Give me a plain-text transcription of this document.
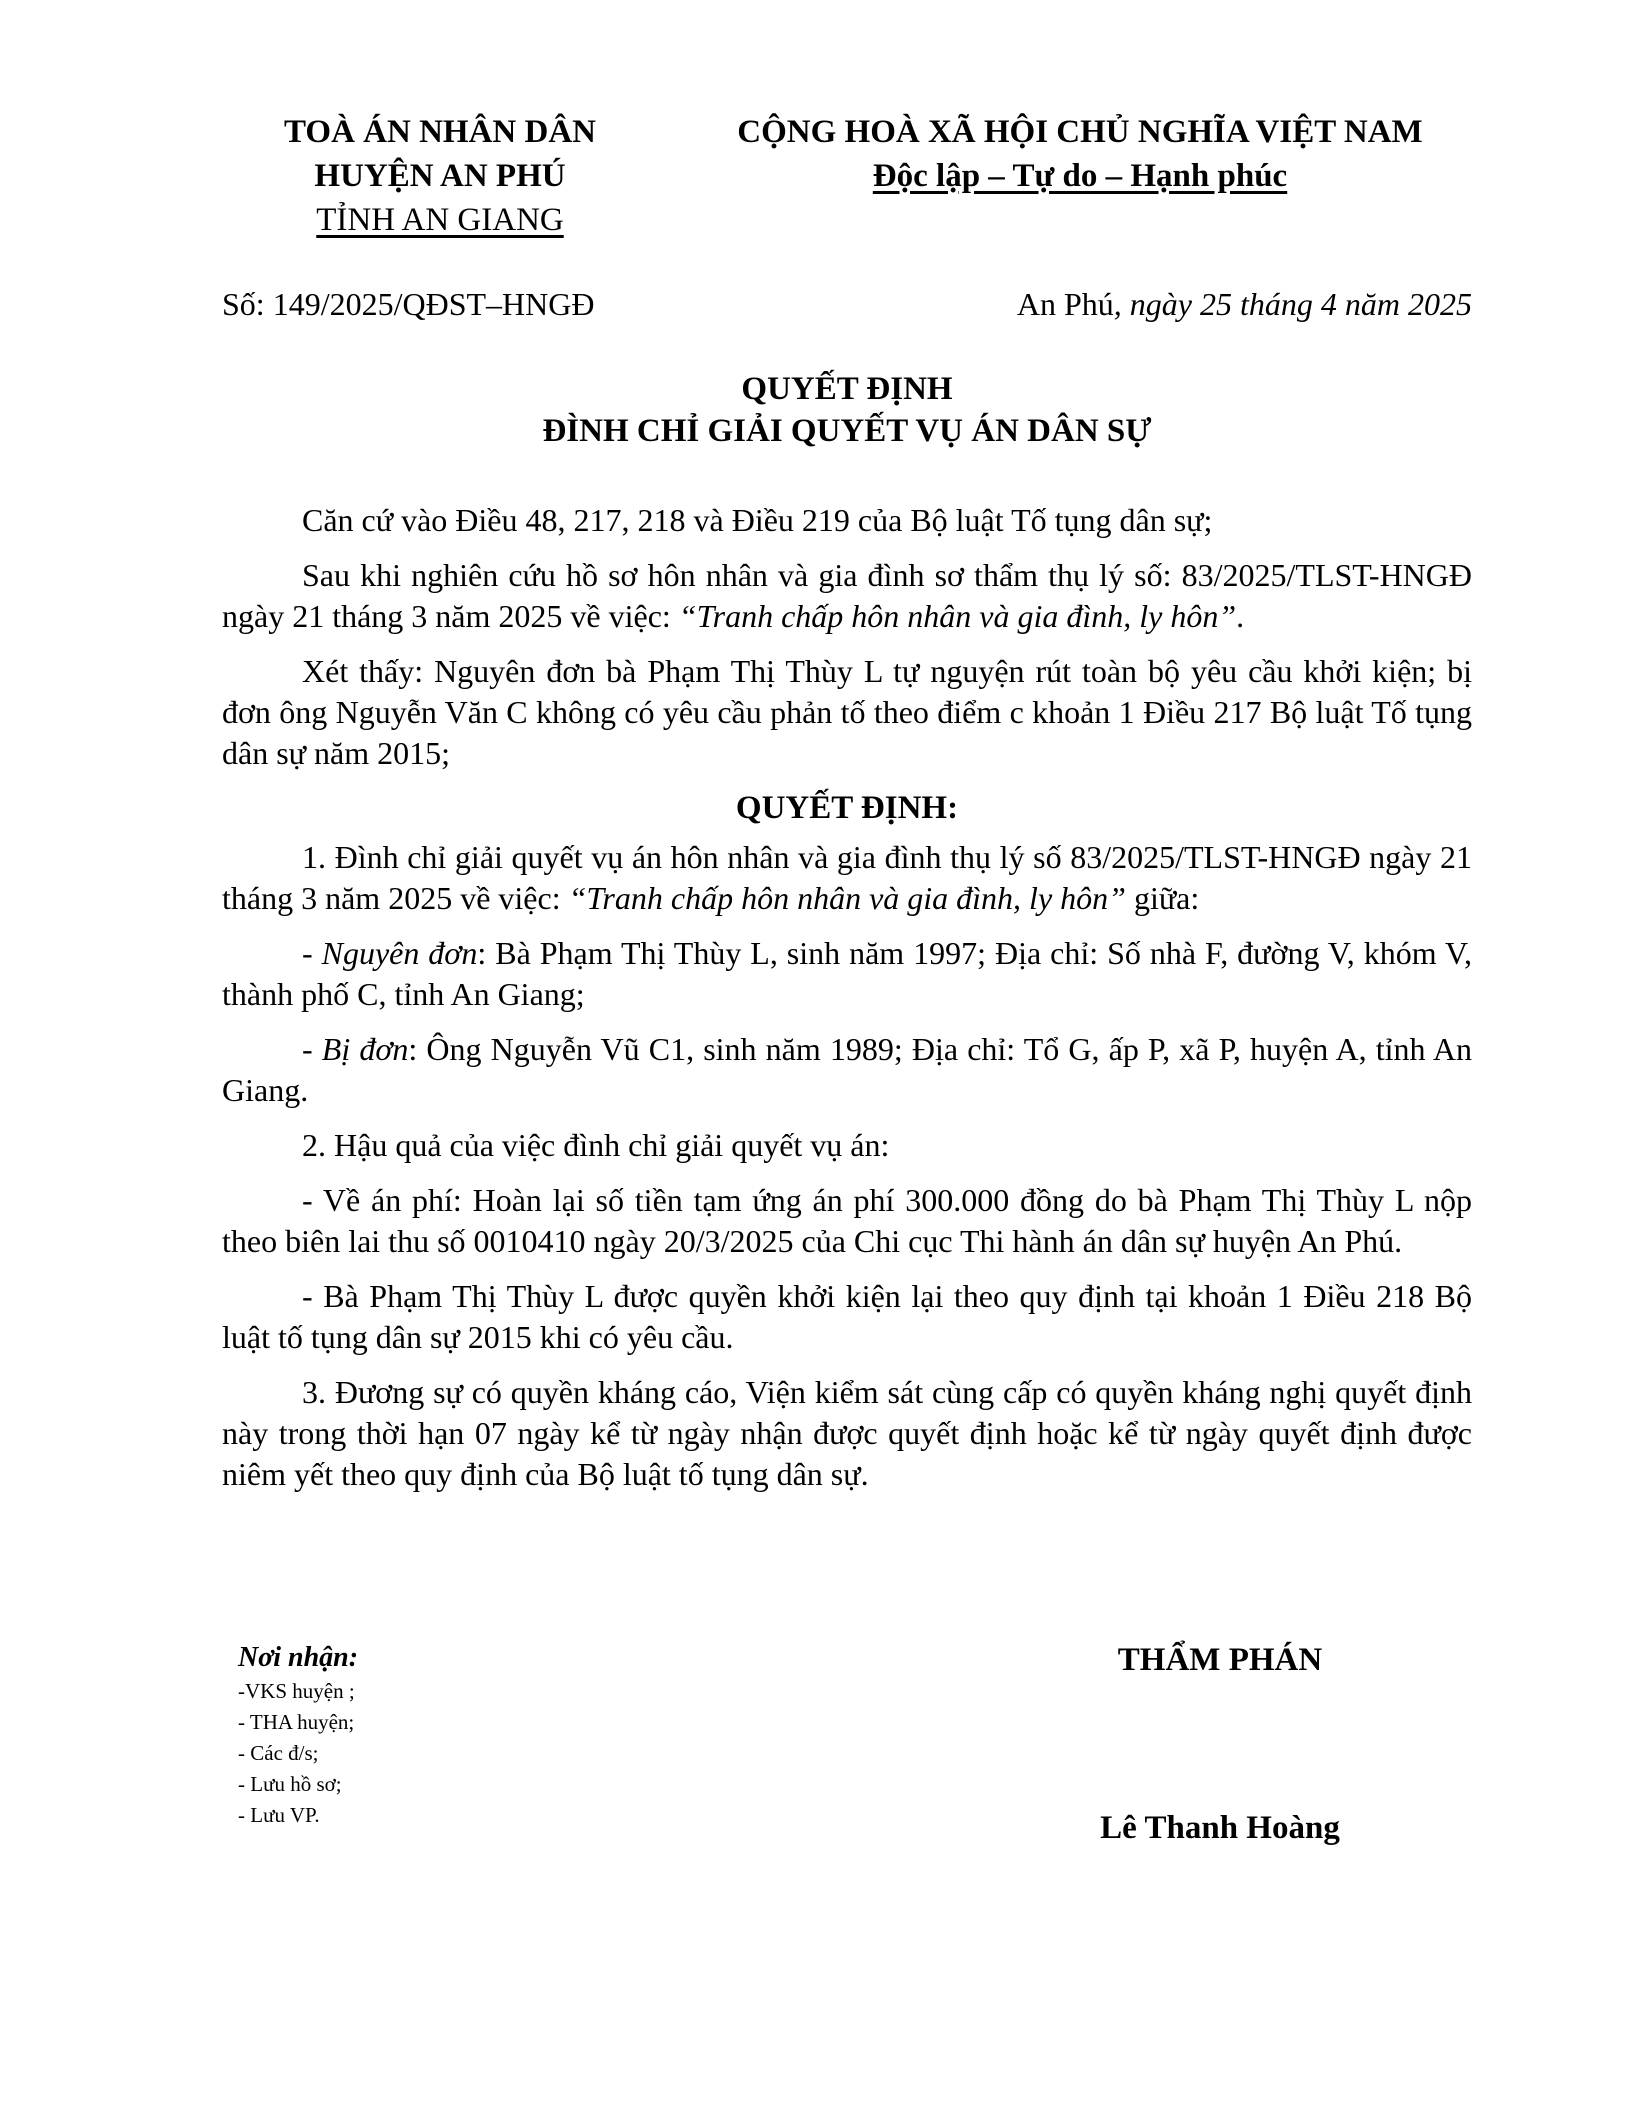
TOÀ ÁN NHÂN DÂN
HUYỆN AN PHÚ
TỈNH AN GIANG
CỘNG HOÀ XÃ HỘI CHỦ NGHĨA VIỆT NAM
Độc lập – Tự do – Hạnh phúc
Số: 149/2025/QĐST–HNGĐ	An Phú, ngày 25 tháng 4 năm 2025
QUYẾT ĐỊNH
ĐÌNH CHỈ GIẢI QUYẾT VỤ ÁN DÂN SỰ

Căn cứ vào Điều 48, 217, 218 và Điều 219 của Bộ luật Tố tụng dân sự;

Sau khi nghiên cứu hồ sơ hôn nhân và gia đình sơ thẩm thụ lý số: 83/2025/TLST-HNGĐ ngày 21 tháng 3 năm 2025 về việc: “Tranh chấp hôn nhân và gia đình, ly hôn”.

Xét thấy: Nguyên đơn bà Phạm Thị Thùy L tự nguyện rút toàn bộ yêu cầu khởi kiện; bị đơn ông Nguyễn Văn C không có yêu cầu phản tố theo điểm c khoản 1 Điều 217 Bộ luật Tố tụng dân sự năm 2015;

QUYẾT ĐỊNH:

1. Đình chỉ giải quyết vụ án hôn nhân và gia đình thụ lý số 83/2025/TLST-HNGĐ ngày 21 tháng 3 năm 2025 về việc: “Tranh chấp hôn nhân và gia đình, ly hôn” giữa:

- Nguyên đơn: Bà Phạm Thị Thùy L, sinh năm 1997; Địa chỉ: Số nhà F, đường V, khóm V, thành phố C, tỉnh An Giang;

- Bị đơn: Ông Nguyễn Vũ C1, sinh năm 1989; Địa chỉ: Tổ G, ấp P, xã P, huyện A, tỉnh An Giang.

2. Hậu quả của việc đình chỉ giải quyết vụ án:

- Về án phí: Hoàn lại số tiền tạm ứng án phí 300.000 đồng do bà Phạm Thị Thùy L nộp theo biên lai thu số 0010410 ngày 20/3/2025 của Chi cục Thi hành án dân sự huyện An Phú.

- Bà Phạm Thị Thùy L được quyền khởi kiện lại theo quy định tại khoản 1 Điều 218 Bộ luật tố tụng dân sự 2015 khi có yêu cầu.

3. Đương sự có quyền kháng cáo, Viện kiểm sát cùng cấp có quyền kháng nghị quyết định này trong thời hạn 07 ngày kể từ ngày nhận được quyết định hoặc kể từ ngày quyết định được niêm yết theo quy định của Bộ luật tố tụng dân sự.

Nơi nhận:
-VKS huyện ;
- THA huyện;
- Các đ/s;
- Lưu hồ sơ;
- Lưu VP.
THẨM PHÁN
Lê Thanh Hoàng
